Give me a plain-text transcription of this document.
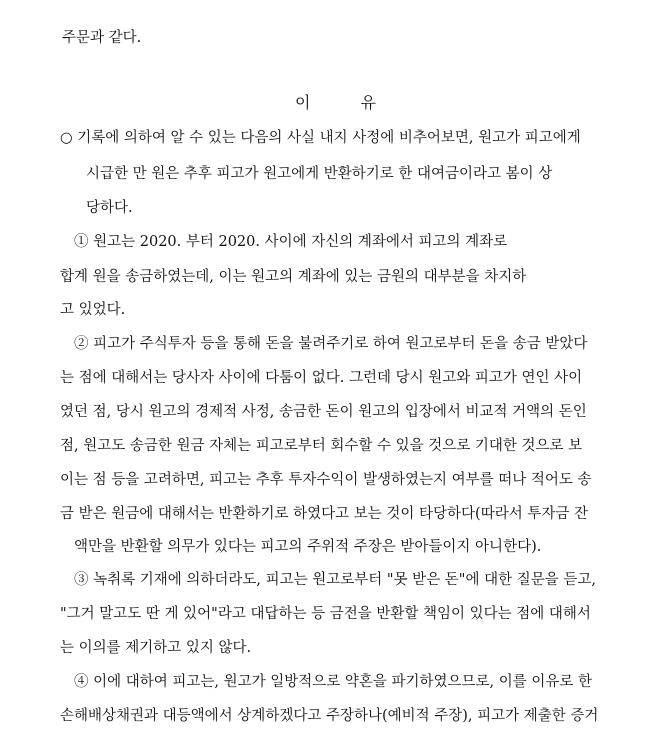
주문과 같다.

이	유

○ 기록에 의하여 알 수 있는 다음의 사실 내지 사정에 비추어보면, 원고가 피고에게

시급한 만 원은 추후 피고가 원고에게 반환하기로 한 대여금이라고 봄이 상

당하다.

① 원고는 2020. 부터 2020. 사이에 자신의 계좌에서 피고의 계좌로

합계 원을 송금하였는데, 이는 원고의 계좌에 있는 금원의 대부분을 차지하

고 있었다.

② 피고가 주식투자 등을 통해 돈을 불려주기로 하여 원고로부터 돈을 송금 받았다

는 점에 대해서는 당사자 사이에 다툼이 없다. 그런데 당시 원고와 피고가 연인 사이

였던 점, 당시 원고의 경제적 사정, 송금한 돈이 원고의 입장에서 비교적 거액의 돈인

점, 원고도 송금한 원금 자체는 피고로부터 회수할 수 있을 것으로 기대한 것으로 보

이는 점 등을 고려하면, 피고는 추후 투자수익이 발생하였는지 여부를 떠나 적어도 송

금 받은 원금에 대해서는 반환하기로 하였다고 보는 것이 타당하다(따라서 투자금 잔

액만을 반환할 의무가 있다는 피고의 주위적 주장은 받아들이지 아니한다).

③ 녹취록 기재에 의하더라도, 피고는 원고로부터 "못 받은 돈"에 대한 질문을 듣고,

"그거 말고도 딴 게 있어"라고 대답하는 등 금전을 반환할 책임이 있다는 점에 대해서

는 이의를 제기하고 있지 않다.

④ 이에 대하여 피고는, 원고가 일방적으로 약혼을 파기하였으므로, 이를 이유로 한

손해배상채권과 대등액에서 상계하겠다고 주장하나(예비적 주장), 피고가 제출한 증거
